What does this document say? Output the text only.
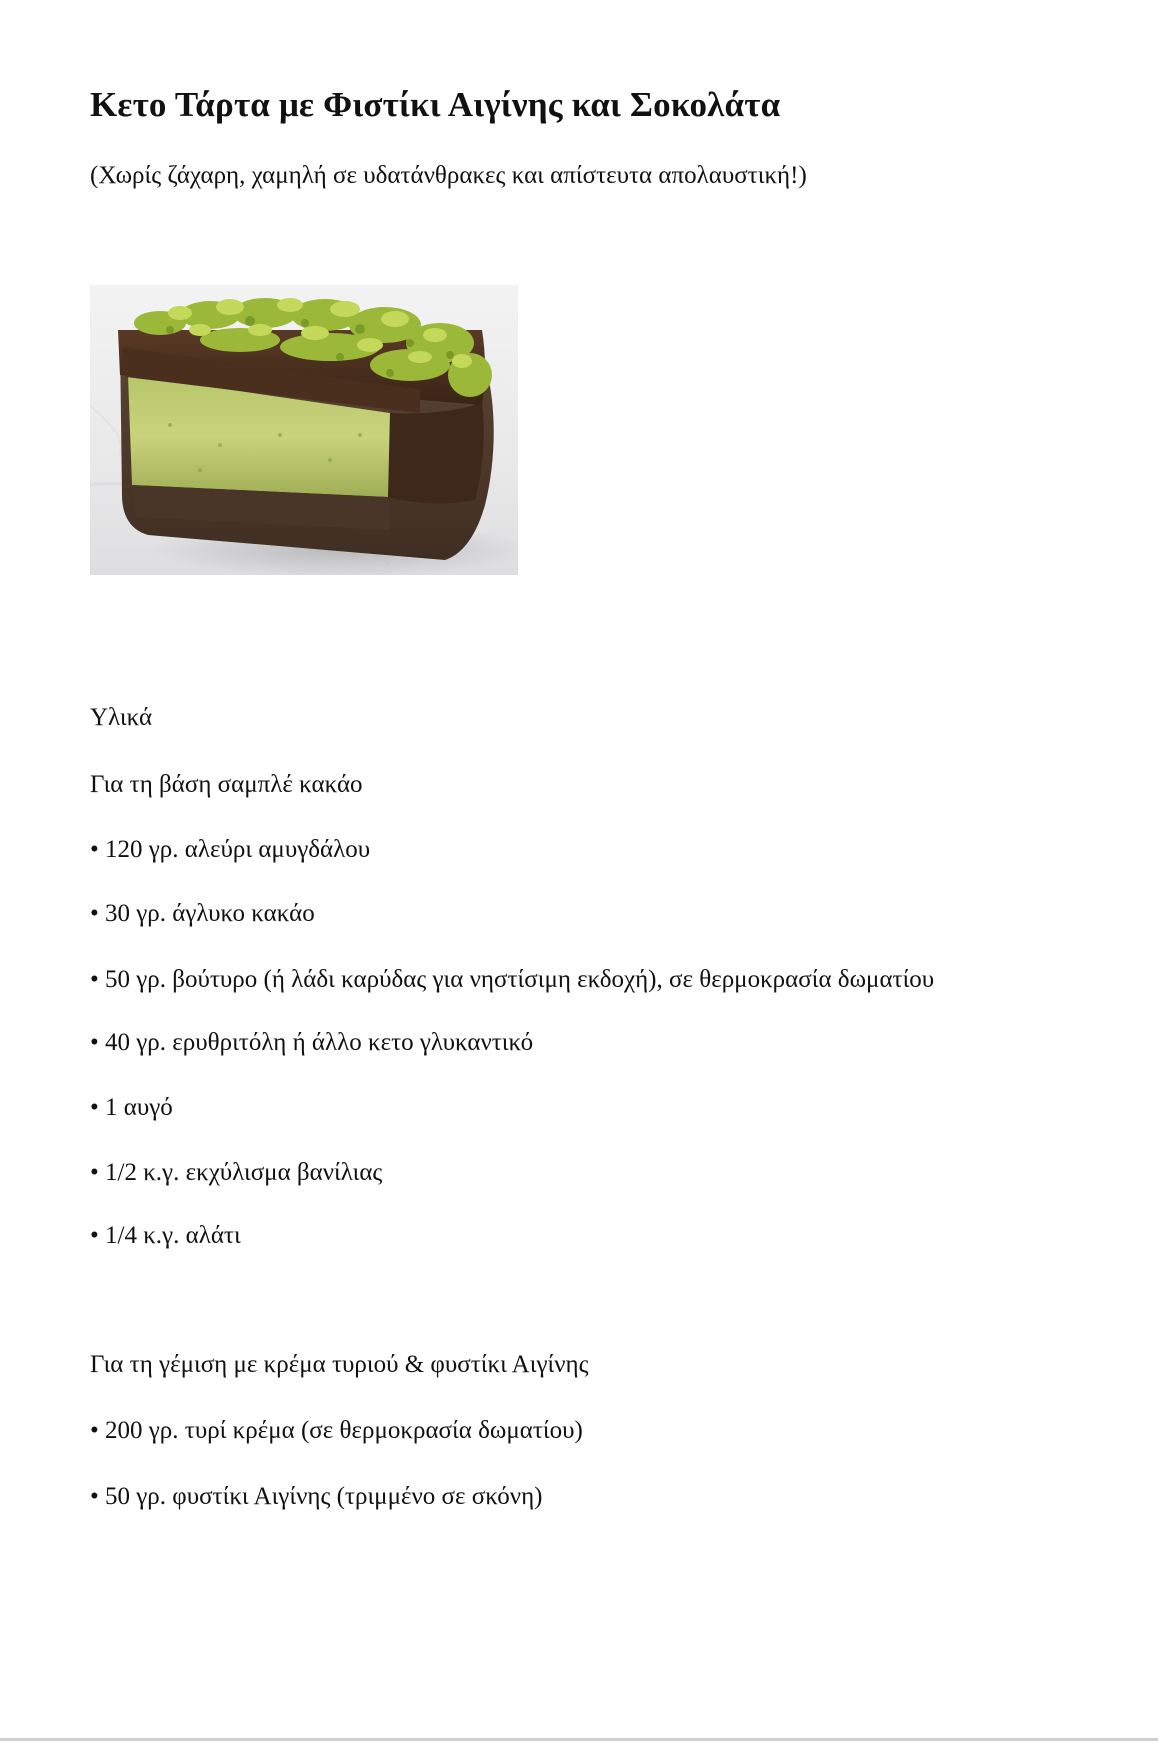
Κετο Τάρτα με Φιστίκι Αιγίνης και Σοκολάτα

(Χωρίς ζάχαρη, χαμηλή σε υδατάνθρακες και απίστευτα απολαυστική!)

Υλικά

Για τη βάση σαμπλέ κακάο

• 120 γρ. αλεύρι αμυγδάλου
• 30 γρ. άγλυκο κακάο
• 50 γρ. βούτυρο (ή λάδι καρύδας για νηστίσιμη εκδοχή), σε θερμοκρασία δωματίου
• 40 γρ. ερυθριτόλη ή άλλο κετο γλυκαντικό
• 1 αυγό
• 1/2 κ.γ. εκχύλισμα βανίλιας
• 1/4 κ.γ. αλάτι

Για τη γέμιση με κρέμα τυριού & φυστίκι Αιγίνης

• 200 γρ. τυρί κρέμα (σε θερμοκρασία δωματίου)
• 50 γρ. φυστίκι Αιγίνης (τριμμένο σε σκόνη)
